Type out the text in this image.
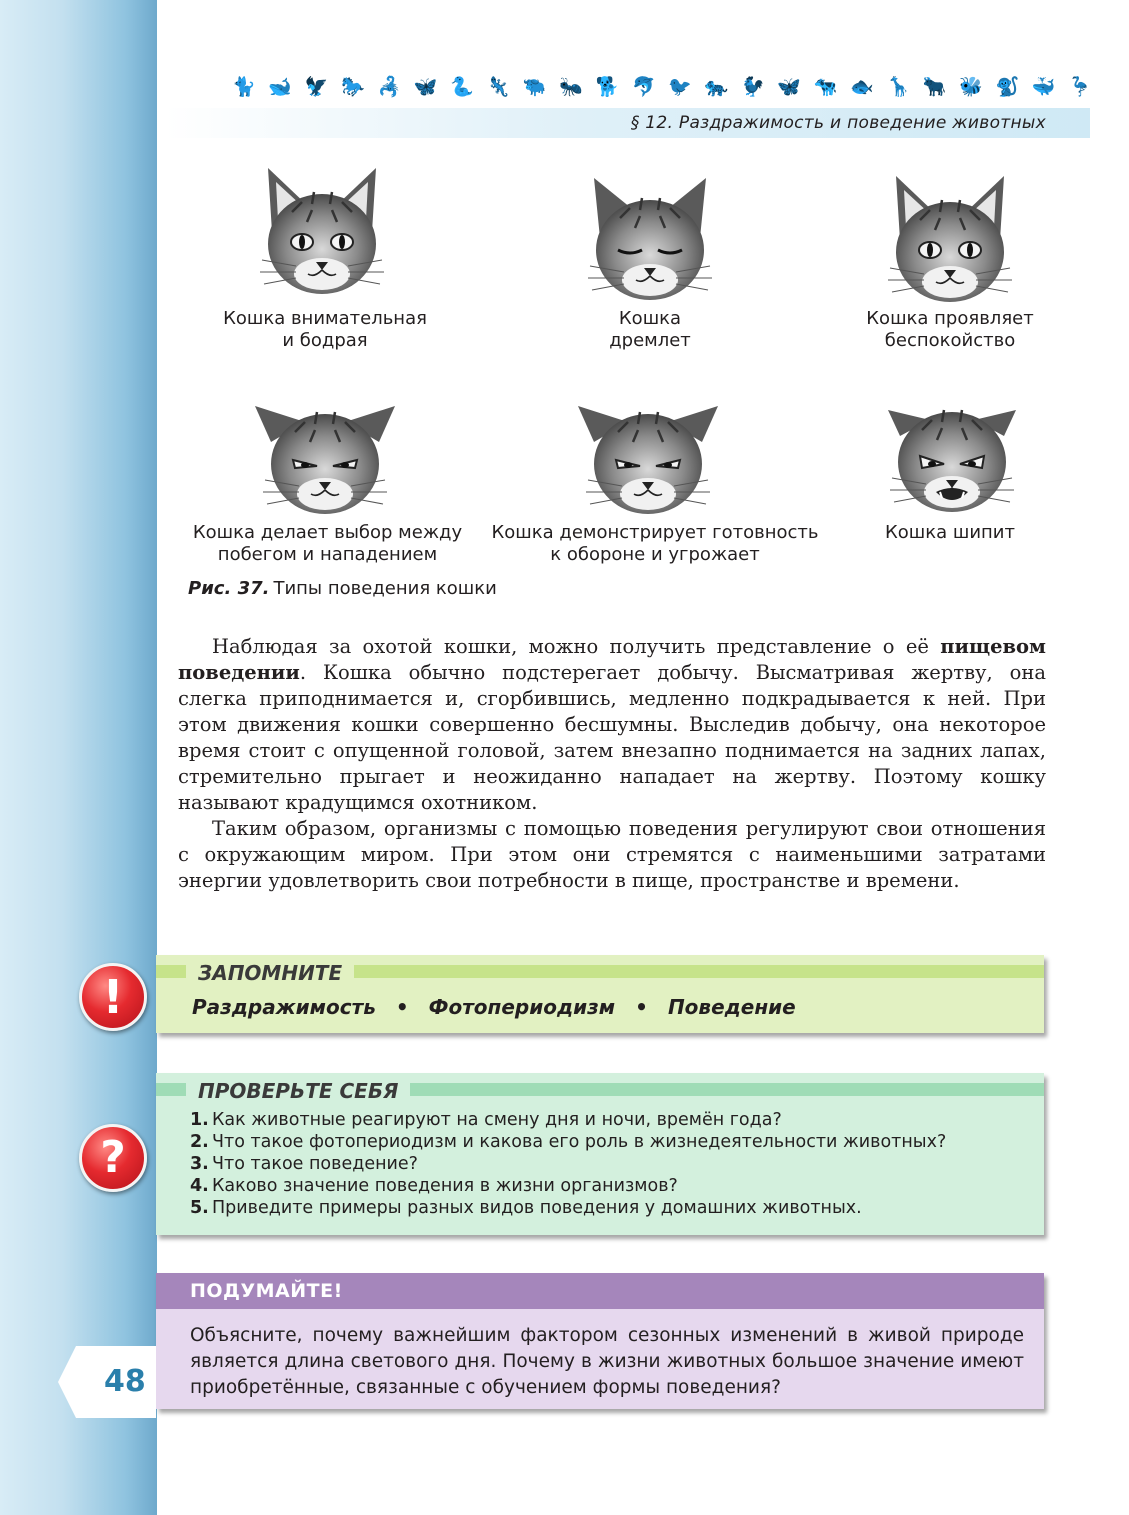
🐈 🐋 🦅 🐎 🦂 🦋 🐍 🦎 🐃 🐜 🐕 🐬 🐦 🐅 🐓 🦋 🐄 🐟 🦒 🐂 🐝 🐒 🐳 🦩
§ 12. Раздражимость и поведение животных
Кошка внимательная
и бодрая
Кошка
дремлет
Кошка проявляет
беспокойство
Кошка делает выбор между
побегом и нападением
Кошка демонстрирует готовность
к обороне и угрожает
Кошка шипит
Рис. 37. Типы поведения кошки
Наблюдая за охотой кошки, можно получить представление о её пищевом поведении. Кошка обычно подстерегает добычу. Высматривая жертву, она слегка приподнимается и, сгорбившись, медленно подкрадывается к ней. При этом движения кошки совершенно бесшумны. Выследив добычу, она некоторое время стоит с опущенной головой, затем внезапно поднимается на задних лапах, стремительно прыгает и неожиданно нападает на жертву. Поэтому кошку называют крадущимся охотником.
Таким образом, организмы с помощью поведения регулируют свои отношения с окружающим миром. При этом они стремятся с наименьшими затратами энергии удовлетворить свои потребности в пище, пространстве и времени.
!	ЗАПОМНИТЕ
Раздражимость • Фотопериодизм • Поведение
?
ПРОВЕРЬТЕ СЕБЯ
1. Как животные реагируют на смену дня и ночи, времён года?
2. Что такое фотопериодизм и какова его роль в жизнедеятельности животных?
3. Что такое поведение?
4. Каково значение поведения в жизни организмов?
5. Приведите примеры разных видов поведения у домашних животных.
ПОДУМАЙТЕ!
Объясните, почему важнейшим фактором сезонных изменений в живой природе является длина светового дня. Почему в жизни животных большое значение имеют приобретённые, связанные с обучением формы поведения?
48
